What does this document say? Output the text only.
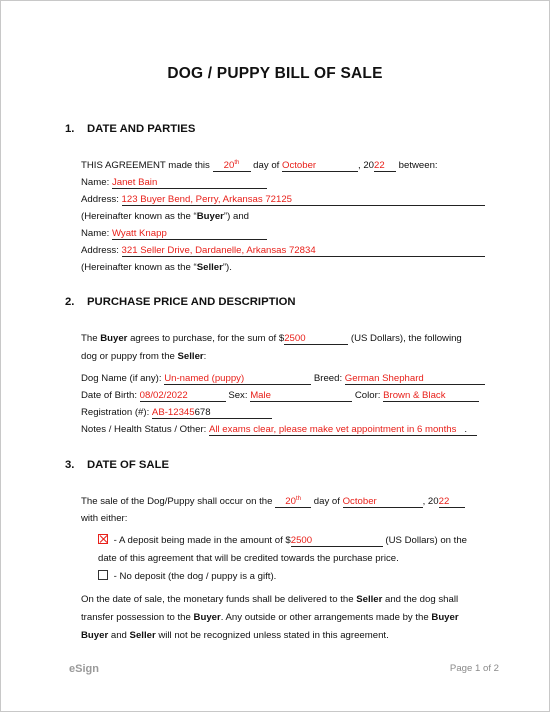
DOG / PUPPY BILL OF SALE
1. DATE AND PARTIES
THIS AGREEMENT made this 20th day of October	, 2022 between:
Name: Janet Bain
Address: 123 Buyer Bend, Perry, Arkansas 72125
(Hereinafter known as the “Buyer”) and
Name: Wyatt Knapp
Address: 321 Seller Drive, Dardanelle, Arkansas 72834
(Hereinafter known as the “Seller”).
2. PURCHASE PRICE AND DESCRIPTION
The Buyer agrees to purchase, for the sum of $2500	(US Dollars), the following
dog or puppy from the Seller:
Dog Name (if any): Un-named (puppy)	Breed: German Shephard
Date of Birth: 08/02/2022	Sex: Male	Color: Brown & Black
Registration (#): AB-12345678
Notes / Health Status / Other: All exams clear, please make vet appointment in 6 months .
3. DATE OF SALE
The sale of the Dog/Puppy shall occur on the 20th day of October	, 2022
with either:
- A deposit being made in the amount of $2500	(US Dollars) on the
date of this agreement that will be credited towards the purchase price.
- No deposit (the dog / puppy is a gift).
On the date of sale, the monetary funds shall be delivered to the Seller and the dog shall
transfer possession to the Buyer. Any outside or other arrangements made by the Buyer
Buyer and Seller will not be recognized unless stated in this agreement.
eSign	Page 1 of 2
